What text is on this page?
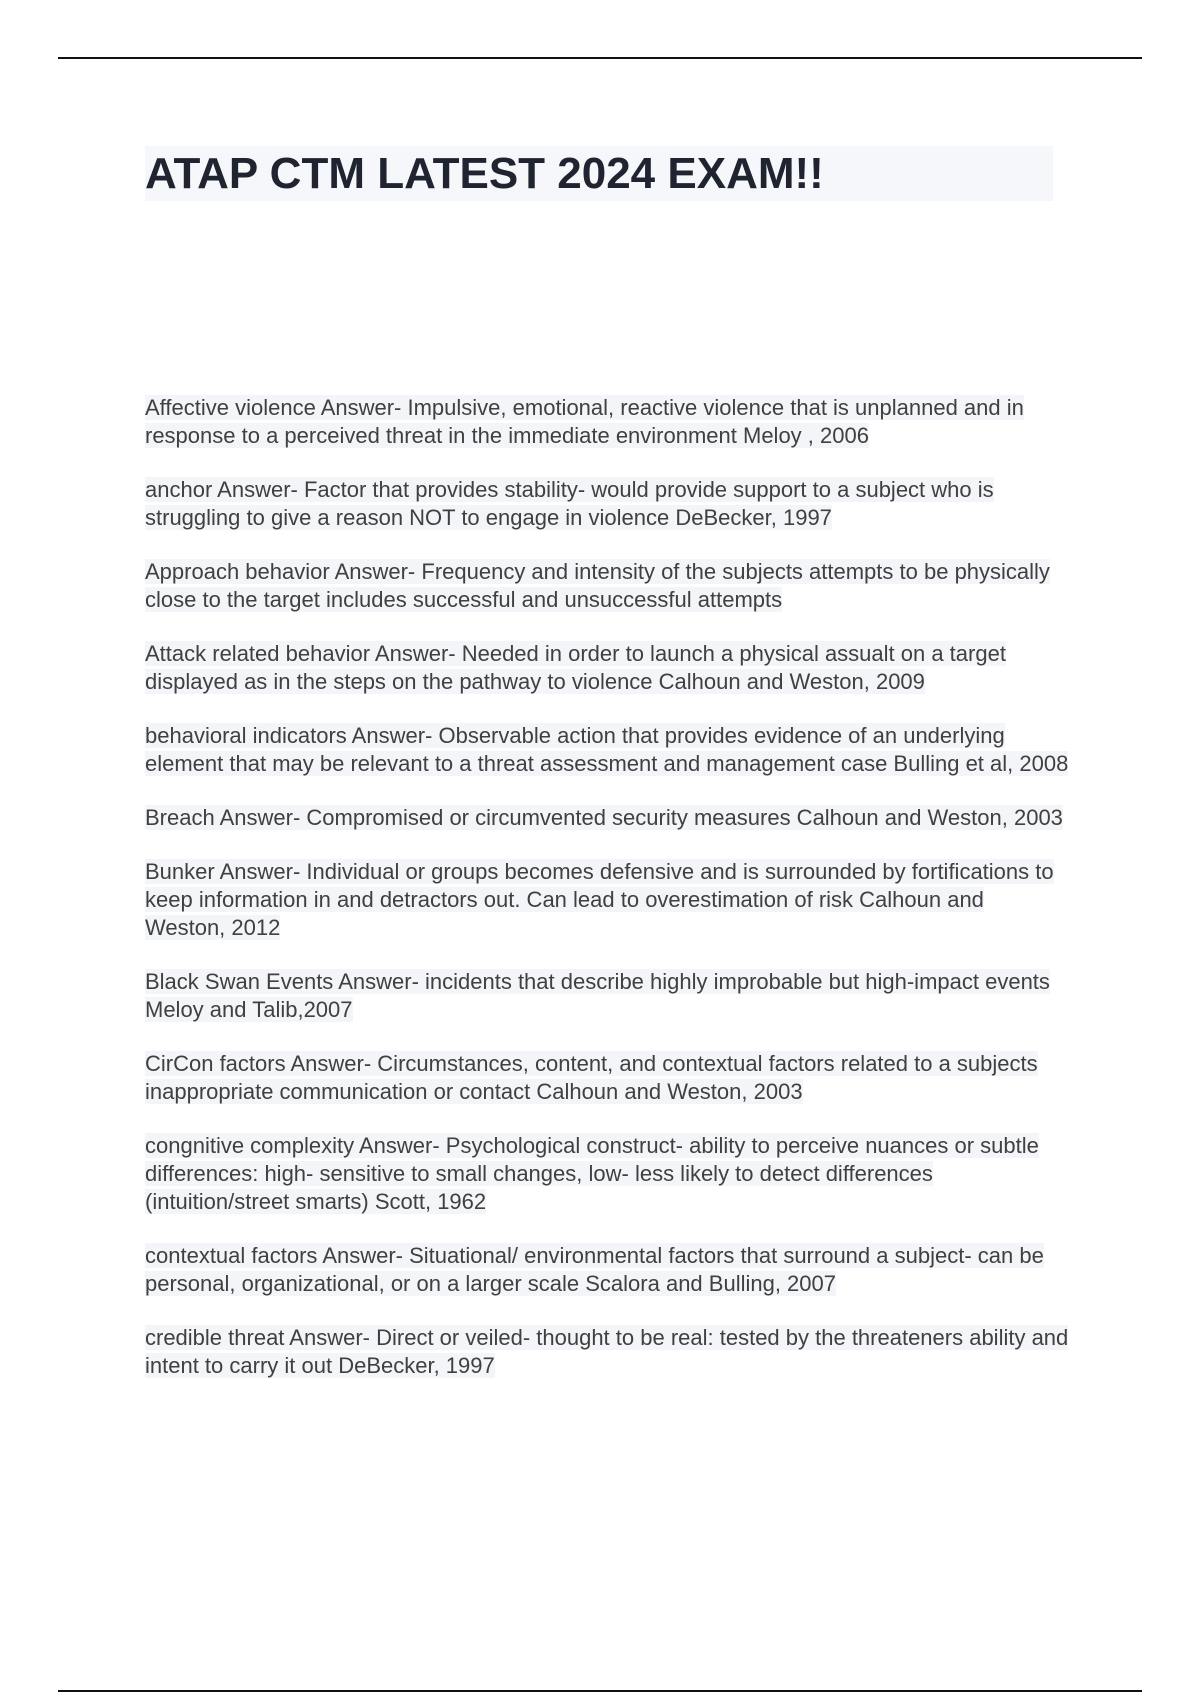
ATAP CTM LATEST 2024 EXAM!!

Affective violence Answer- Impulsive, emotional, reactive violence that is unplanned and in response to a perceived threat in the immediate environment Meloy , 2006

anchor Answer- Factor that provides stability- would provide support to a subject who is struggling to give a reason NOT to engage in violence DeBecker, 1997

Approach behavior Answer- Frequency and intensity of the subjects attempts to be physically close to the target includes successful and unsuccessful attempts

Attack related behavior Answer- Needed in order to launch a physical assualt on a target displayed as in the steps on the pathway to violence Calhoun and Weston, 2009

behavioral indicators Answer- Observable action that provides evidence of an underlying element that may be relevant to a threat assessment and management case Bulling et al, 2008

Breach Answer- Compromised or circumvented security measures Calhoun and Weston, 2003

Bunker Answer- Individual or groups becomes defensive and is surrounded by fortifications to keep information in and detractors out. Can lead to overestimation of risk Calhoun and Weston, 2012

Black Swan Events Answer- incidents that describe highly improbable but high-impact events Meloy and Talib,2007

CirCon factors Answer- Circumstances, content, and contextual factors related to a subjects inappropriate communication or contact Calhoun and Weston, 2003

congnitive complexity Answer- Psychological construct- ability to perceive nuances or subtle differences: high- sensitive to small changes, low- less likely to detect differences (intuition/street smarts) Scott, 1962

contextual factors Answer- Situational/ environmental factors that surround a subject- can be personal, organizational, or on a larger scale Scalora and Bulling, 2007

credible threat Answer- Direct or veiled- thought to be real: tested by the threateners ability and intent to carry it out DeBecker, 1997
